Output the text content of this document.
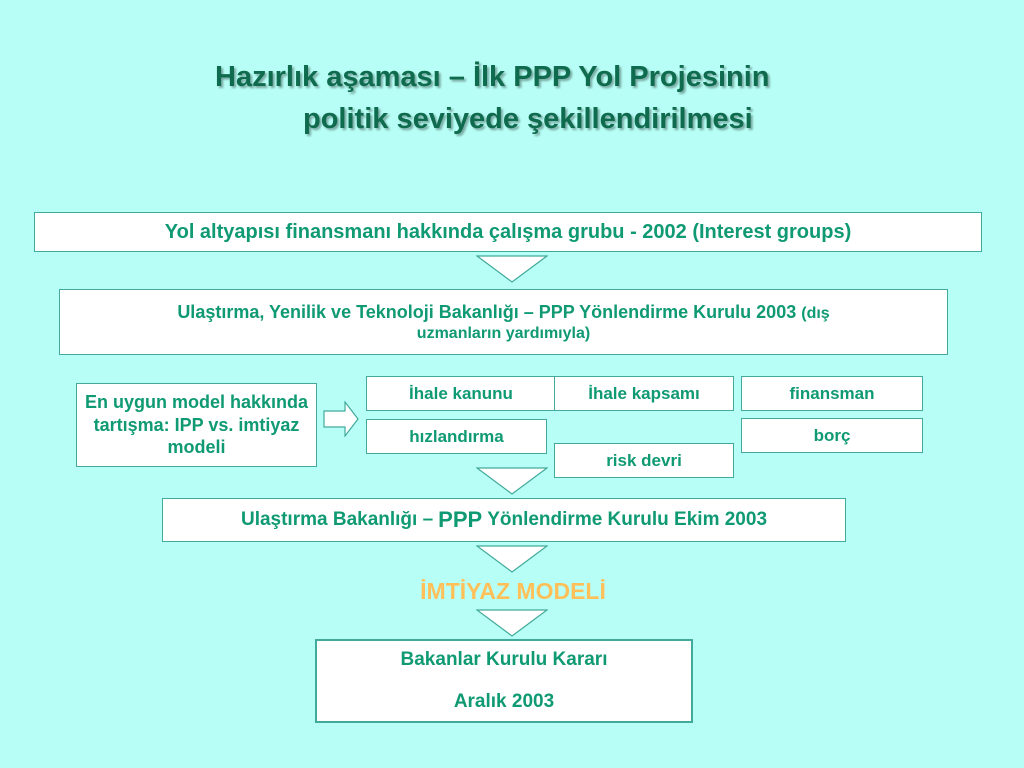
Hazırlık aşaması – İlk PPP Yol Projesinin
politik seviyede şekillendirilmesi
Yol altyapısı finansmanı hakkında çalışma grubu - 2002 (Interest groups)
Ulaştırma, Yenilik ve Teknoloji Bakanlığı – PPP Yönlendirme Kurulu 2003 (dış
uzmanların yardımıyla)
En uygun model hakkında tartışma: IPP vs. imtiyaz modeli
İhale kanunu	İhale kapsamı	finansman
hızlandırma	borç
risk devri
Ulaştırma Bakanlığı – PPP Yönlendirme Kurulu Ekim 2003
İMTİYAZ MODELİ
Bakanlar Kurulu Kararı
Aralık 2003
